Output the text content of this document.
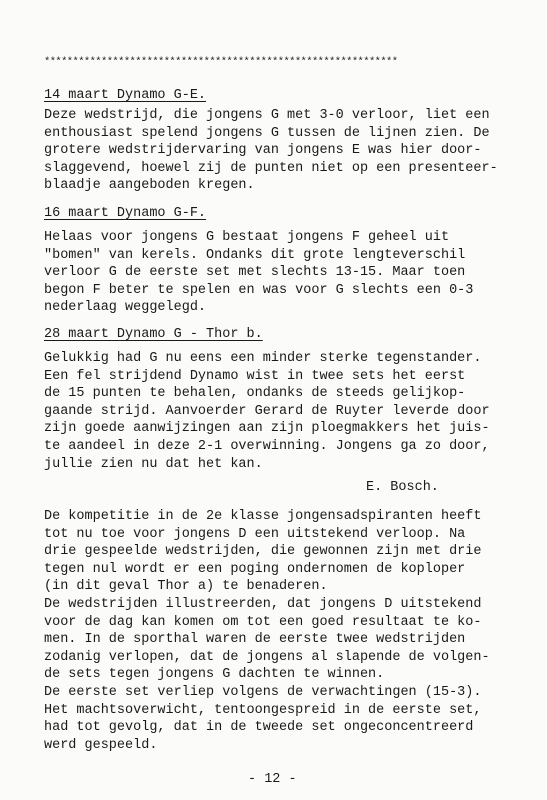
**************************************************************
14 maart Dynamo G-E.

Deze wedstrijd, die jongens G met 3-0 verloor, liet een
enthousiast spelend jongens G tussen de lijnen zien. De
grotere wedstrijdervaring van jongens E was hier door-
slaggevend, hoewel zij de punten niet op een presenteer-
blaadje aangeboden kregen.

16 maart Dynamo G-F.

Helaas voor jongens G bestaat jongens F geheel uit
"bomen" van kerels. Ondanks dit grote lengteverschil
verloor G de eerste set met slechts 13-15. Maar toen
begon F beter te spelen en was voor G slechts een 0-3
nederlaag weggelegd.

28 maart Dynamo G - Thor b.

Gelukkig had G nu eens een minder sterke tegenstander.
Een fel strijdend Dynamo wist in twee sets het eerst
de 15 punten te behalen, ondanks de steeds gelijkop-
gaande strijd. Aanvoerder Gerard de Ruyter leverde door
zijn goede aanwijzingen aan zijn ploegmakkers het juis-
te aandeel in deze 2-1 overwinning. Jongens ga zo door,
jullie zien nu dat het kan.

E. Bosch.

De kompetitie in de 2e klasse jongensadspiranten heeft
tot nu toe voor jongens D een uitstekend verloop. Na
drie gespeelde wedstrijden, die gewonnen zijn met drie
tegen nul wordt er een poging ondernomen de koploper
(in dit geval Thor a) te benaderen.
De wedstrijden illustreerden, dat jongens D uitstekend
voor de dag kan komen om tot een goed resultaat te ko-
men. In de sporthal waren de eerste twee wedstrijden
zodanig verlopen, dat de jongens al slapende de volgen-
de sets tegen jongens G dachten te winnen.
De eerste set verliep volgens de verwachtingen (15-3).
Het machtsoverwicht, tentoongespreid in de eerste set,
had tot gevolg, dat in de tweede set ongeconcentreerd
werd gespeeld.

- 12 -
